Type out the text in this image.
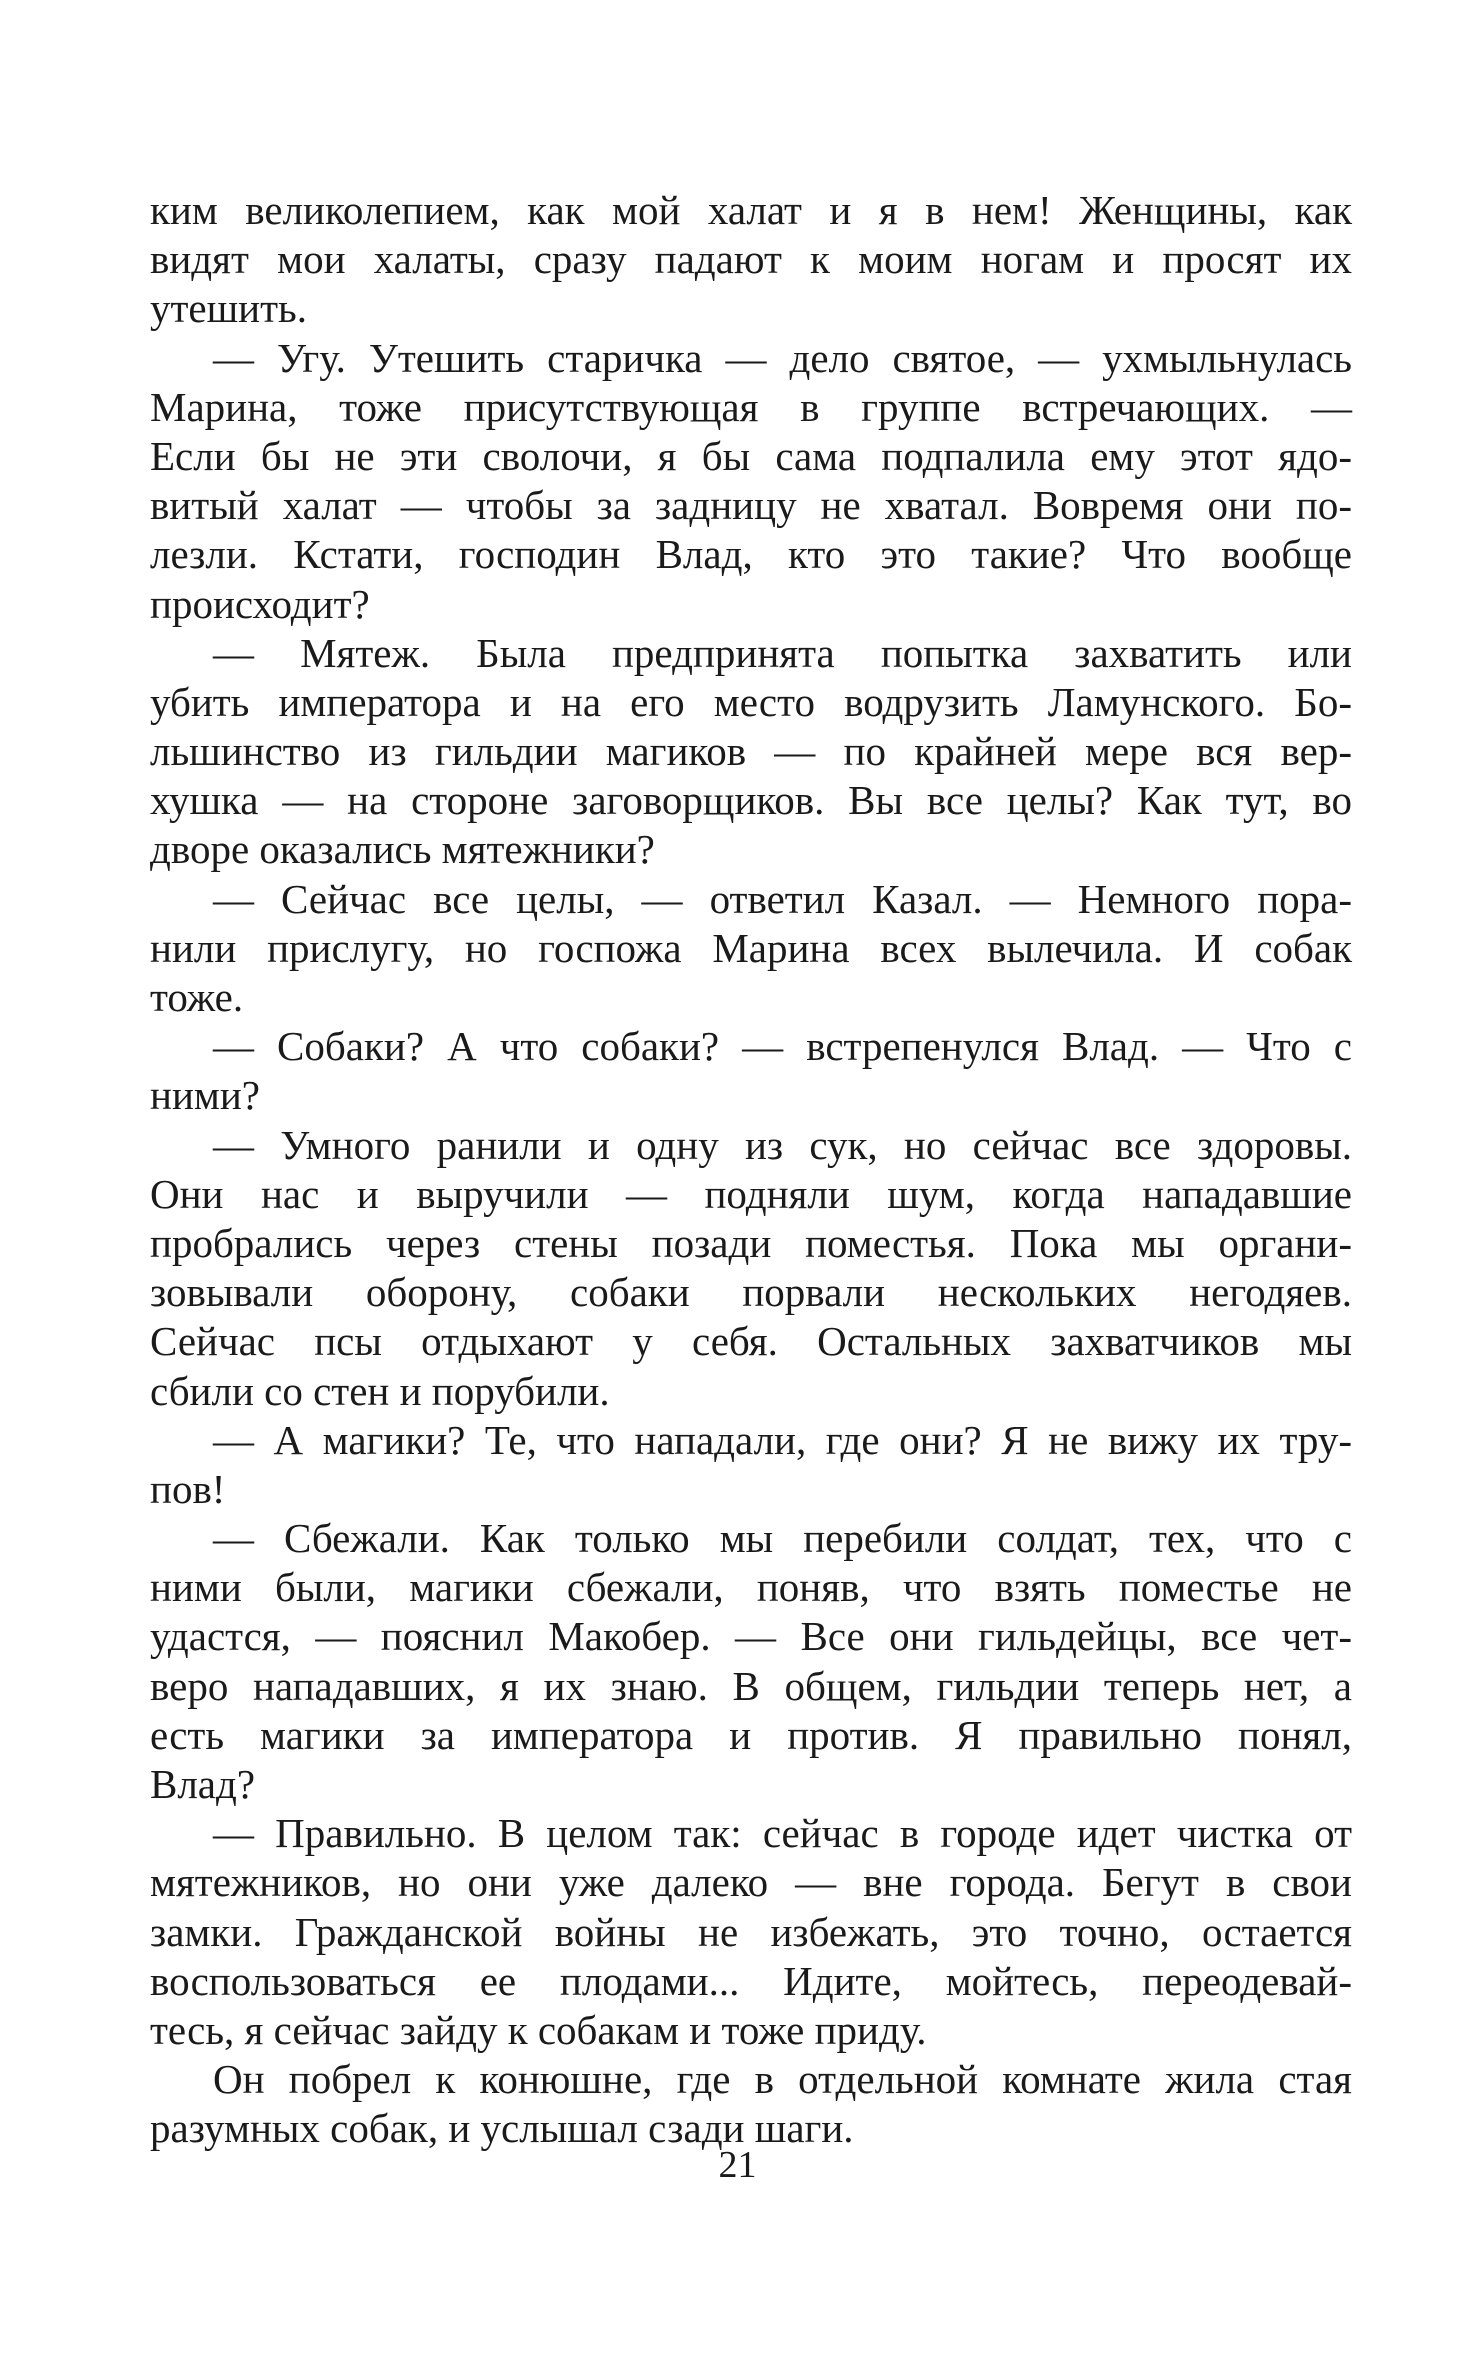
ким великолепием, как мой халат и я в нем! Женщины, как
видят мои халаты, сразу падают к моим ногам и просят их
утешить.
— Угу. Утешить старичка — дело святое, — ухмыльнулась
Марина, тоже присутствующая в группе встречающих. —
Если бы не эти сволочи, я бы сама подпалила ему этот ядо-
витый халат — чтобы за задницу не хватал. Вовремя они по-
лезли. Кстати, господин Влад, кто это такие? Что вообще
происходит?
— Мятеж. Была предпринята попытка захватить или
убить императора и на его место водрузить Ламунского. Бо-
льшинство из гильдии магиков — по крайней мере вся вер-
хушка — на стороне заговорщиков. Вы все целы? Как тут, во
дворе оказались мятежники?
— Сейчас все целы, — ответил Казал. — Немного пора-
нили прислугу, но госпожа Марина всех вылечила. И собак
тоже.
— Собаки? А что собаки? — встрепенулся Влад. — Что с
ними?
— Умного ранили и одну из сук, но сейчас все здоровы.
Они нас и выручили — подняли шум, когда нападавшие
пробрались через стены позади поместья. Пока мы органи-
зовывали оборону, собаки порвали нескольких негодяев.
Сейчас псы отдыхают у себя. Остальных захватчиков мы
сбили со стен и порубили.
— А магики? Те, что нападали, где они? Я не вижу их тру-
пов!
— Сбежали. Как только мы перебили солдат, тех, что с
ними были, магики сбежали, поняв, что взять поместье не
удастся, — пояснил Макобер. — Все они гильдейцы, все чет-
веро нападавших, я их знаю. В общем, гильдии теперь нет, а
есть магики за императора и против. Я правильно понял,
Влад?
— Правильно. В целом так: сейчас в городе идет чистка от
мятежников, но они уже далеко — вне города. Бегут в свои
замки. Гражданской войны не избежать, это точно, остается
воспользоваться ее плодами... Идите, мойтесь, переодевай-
тесь, я сейчас зайду к собакам и тоже приду.
Он побрел к конюшне, где в отдельной комнате жила стая
разумных собак, и услышал сзади шаги.
21
